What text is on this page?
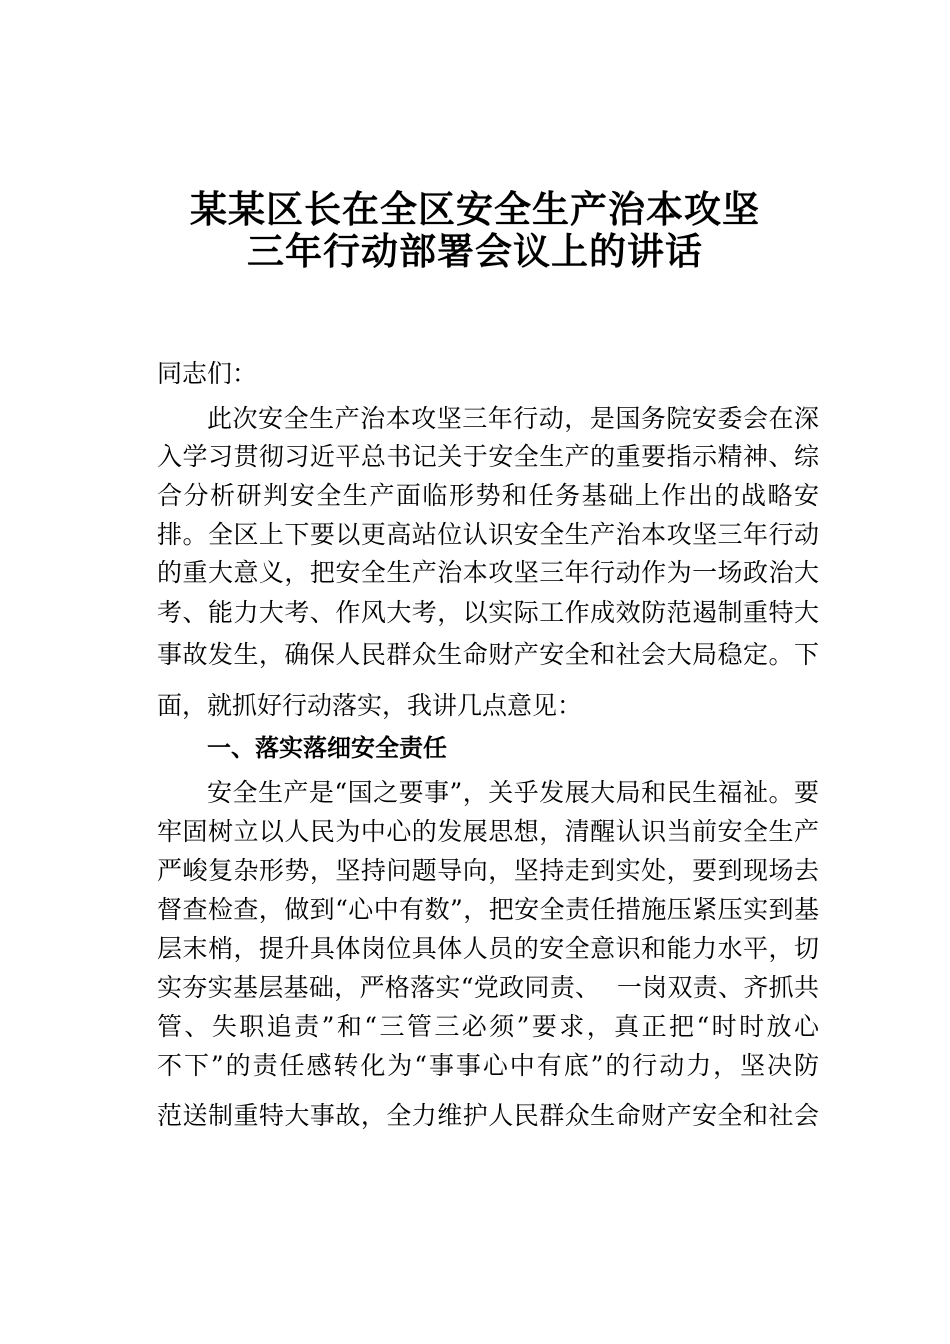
某某区长在全区安全生产治本攻坚
三年行动部署会议上的讲话
同志们：
此次安全生产治本攻坚三年行动，是国务院安委会在深
入学习贯彻习近平总书记关于安全生产的重要指示精神、综
合分析研判安全生产面临形势和任务基础上作出的战略安
排。全区上下要以更高站位认识安全生产治本攻坚三年行动
的重大意义，把安全生产治本攻坚三年行动作为一场政治大
考、能力大考、作风大考，以实际工作成效防范遏制重特大
事故发生，确保人民群众生命财产安全和社会大局稳定。下
面，就抓好行动落实，我讲几点意见：
一、落实落细安全责任
安全生产是“国之要事”，关乎发展大局和民生福祉。要
牢固树立以人民为中心的发展思想，清醒认识当前安全生产
严峻复杂形势，坚持问题导向，坚持走到实处，要到现场去
督查检查，做到“心中有数”，把安全责任措施压紧压实到基
层末梢，提升具体岗位具体人员的安全意识和能力水平，切
实夯实基层基础，严格落实“党政同责、  一岗双责、齐抓共
管、失职追责”和“三管三必须”要求，真正把“时时放心
不下”的责任感转化为“事事心中有底”的行动力，坚决防
范送制重特大事故，全力维护人民群众生命财产安全和社会
